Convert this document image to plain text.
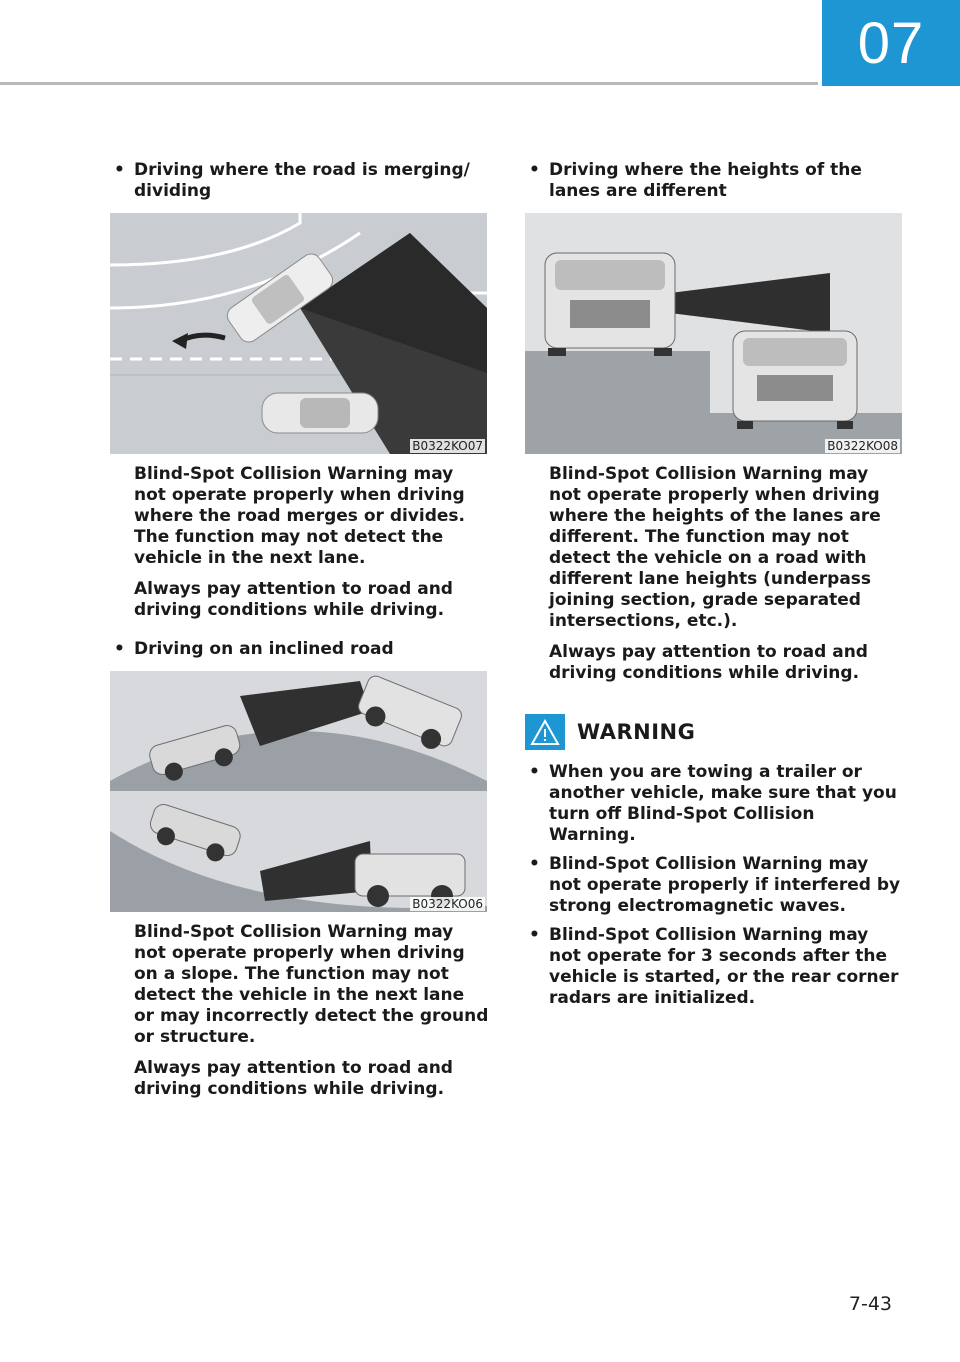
07

• Driving where the road is merging/ dividing

B0322KO07

Blind-Spot Collision Warning may not operate properly when driving where the road merges or divides. The function may not detect the vehicle in the next lane.

Always pay attention to road and driving conditions while driving.

• Driving on an inclined road

B0322KO06

Blind-Spot Collision Warning may not operate properly when driving on a slope. The function may not detect the vehicle in the next lane or may incorrectly detect the ground or structure.

Always pay attention to road and driving conditions while driving.

• Driving where the heights of the lanes are different

B0322KO08

Blind-Spot Collision Warning may not operate properly when driving where the heights of the lanes are different. The function may not detect the vehicle on a road with different lane heights (underpass joining section, grade separated intersections, etc.).

Always pay attention to road and driving conditions while driving.

WARNING
• When you are towing a trailer or another vehicle, make sure that you turn off Blind-Spot Collision Warning.
• Blind-Spot Collision Warning may not operate properly if interfered by strong electromagnetic waves.
• Blind-Spot Collision Warning may not operate for 3 seconds after the vehicle is started, or the rear corner radars are initialized.
7-43
